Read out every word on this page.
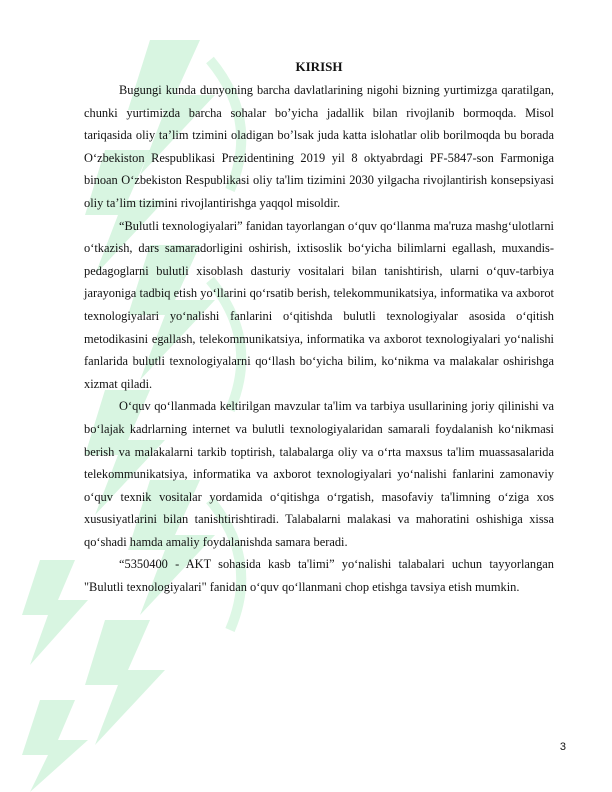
KIRISH

Bugungi kunda dunyoning barcha davlatlarining nigohi bizning yurtimizga qaratilgan, chunki yurtimizda barcha sohalar bo’yicha jadallik bilan rivojlanib bormoqda. Misol tariqasida oliy ta’lim tzimini oladigan bo’lsak juda katta islohatlar olib borilmoqda bu borada O‘zbekiston Respublikasi Prezidentining 2019 yil 8 oktyabrdagi PF-5847-son Farmoniga binoan O‘zbekiston Respublikasi oliy ta'lim tizimini 2030 yilgacha rivojlantirish konsepsiyasi oliy ta’lim tizimini rivojlantirishga yaqqol misoldir.

“Bulutli texnologiyalari” fanidan tayorlangan o‘quv qo‘llanma ma'ruza mashg‘ulotlarni o‘tkazish, dars samaradorligini oshirish, ixtisoslik bo‘yicha bilimlarni egallash, muxandis-pedagoglarni bulutli xisoblash dasturiy vositalari bilan tanishtirish, ularni o‘quv-tarbiya jarayoniga tadbiq etish yo‘llarini qo‘rsatib berish, telekommunikatsiya, informatika va axborot texnologiyalari yo‘nalishi fanlarini o‘qitishda bulutli texnologiyalar asosida o‘qitish metodikasini egallash, telekommunikatsiya, informatika va axborot texnologiyalari yo‘nalishi fanlarida bulutli texnologiyalarni qo‘llash bo‘yicha bilim, ko‘nikma va malakalar oshirishga xizmat qiladi.

O‘quv qo‘llanmada keltirilgan mavzular ta'lim va tarbiya usullarining joriy qilinishi va bo‘lajak kadrlarning internet va bulutli texnologiyalaridan samarali foydalanish ko‘nikmasi berish va malakalarni tarkib toptirish, talabalarga oliy va o‘rta maxsus ta'lim muassasalarida telekommunikatsiya, informatika va axborot texnologiyalari yo‘nalishi fanlarini zamonaviy o‘quv texnik vositalar yordamida o‘qitishga o‘rgatish, masofaviy ta'limning o‘ziga xos xususiyatlarini bilan tanishtirishtiradi. Talabalarni malakasi va mahoratini oshishiga xissa qo‘shadi hamda amaliy foydalanishda samara beradi.

“5350400 - AKT sohasida kasb ta'limi” yo‘nalishi talabalari uchun tayyorlangan "Bulutli texnologiyalari" fanidan o‘quv qo‘llanmani chop etishga tavsiya etish mumkin.

3
